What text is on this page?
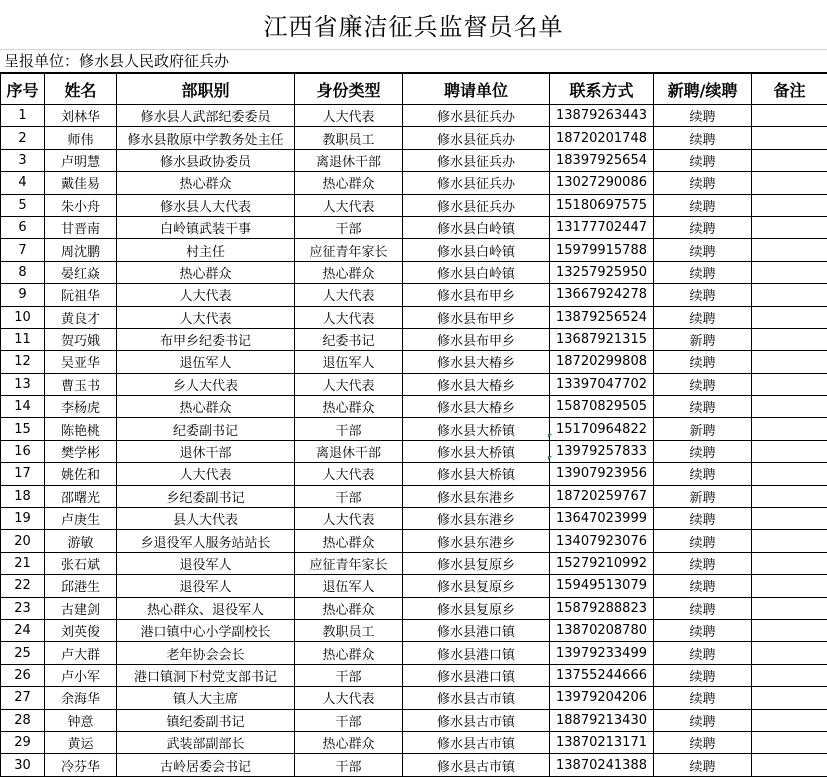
江西省廉洁征兵监督员名单
呈报单位：修水县人民政府征兵办
序号	姓名	部职别	身份类型	聘请单位	联系方式	新聘/续聘	备注
1	刘林华	修水县人武部纪委委员	人大代表	修水县征兵办	13879263443	续聘	
2	师伟	修水县散原中学教务处主任	教职员工	修水县征兵办	18720201748	续聘	
3	卢明慧	修水县政协委员	离退休干部	修水县征兵办	18397925654	续聘	
4	戴佳易	热心群众	热心群众	修水县征兵办	13027290086	续聘	
5	朱小舟	修水县人大代表	人大代表	修水县征兵办	15180697575	续聘	
6	甘晋南	白岭镇武装干事	干部	修水县白岭镇	13177702447	续聘	
7	周沈鹏	村主任	应征青年家长	修水县白岭镇	15979915788	续聘	
8	晏红焱	热心群众	热心群众	修水县白岭镇	13257925950	续聘	
9	阮祖华	人大代表	人大代表	修水县布甲乡	13667924278	续聘	
10	黄良才	人大代表	人大代表	修水县布甲乡	13879256524	续聘	
11	贺巧娥	布甲乡纪委书记	纪委书记	修水县布甲乡	13687921315	新聘	
12	吴亚华	退伍军人	退伍军人	修水县大椿乡	18720299808	续聘	
13	曹玉书	乡人大代表	人大代表	修水县大椿乡	13397047702	续聘	
14	李杨虎	热心群众	热心群众	修水县大椿乡	15870829505	续聘	
15	陈艳桃	纪委副书记	干部	修水县大桥镇	15170964822	新聘	
16	樊学彬	退休干部	离退休干部	修水县大桥镇	13979257833	续聘	
17	姚佐和	人大代表	人大代表	修水县大桥镇	13907923956	续聘	
18	邵曙光	乡纪委副书记	干部	修水县东港乡	18720259767	新聘	
19	卢庚生	县人大代表	人大代表	修水县东港乡	13647023999	续聘	
20	游敏	乡退役军人服务站站长	热心群众	修水县东港乡	13407923076	续聘	
21	张石斌	退役军人	应征青年家长	修水县复原乡	15279210992	续聘	
22	邱港生	退役军人	退伍军人	修水县复原乡	15949513079	续聘	
23	古建剑	热心群众、退役军人	热心群众	修水县复原乡	15879288823	续聘	
24	刘英俊	港口镇中心小学副校长	教职员工	修水县港口镇	13870208780	续聘	
25	卢大群	老年协会会长	热心群众	修水县港口镇	13979233499	续聘	
26	卢小军	港口镇洞下村党支部书记	干部	修水县港口镇	13755244666	续聘	
27	余海华	镇人大主席	人大代表	修水县古市镇	13979204206	续聘	
28	钟意	镇纪委副书记	干部	修水县古市镇	18879213430	续聘	
29	黄运	武装部副部长	热心群众	修水县古市镇	13870213171	续聘	
30	冷芬华	古岭居委会书记	干部	修水县古市镇	13870241388	续聘	
